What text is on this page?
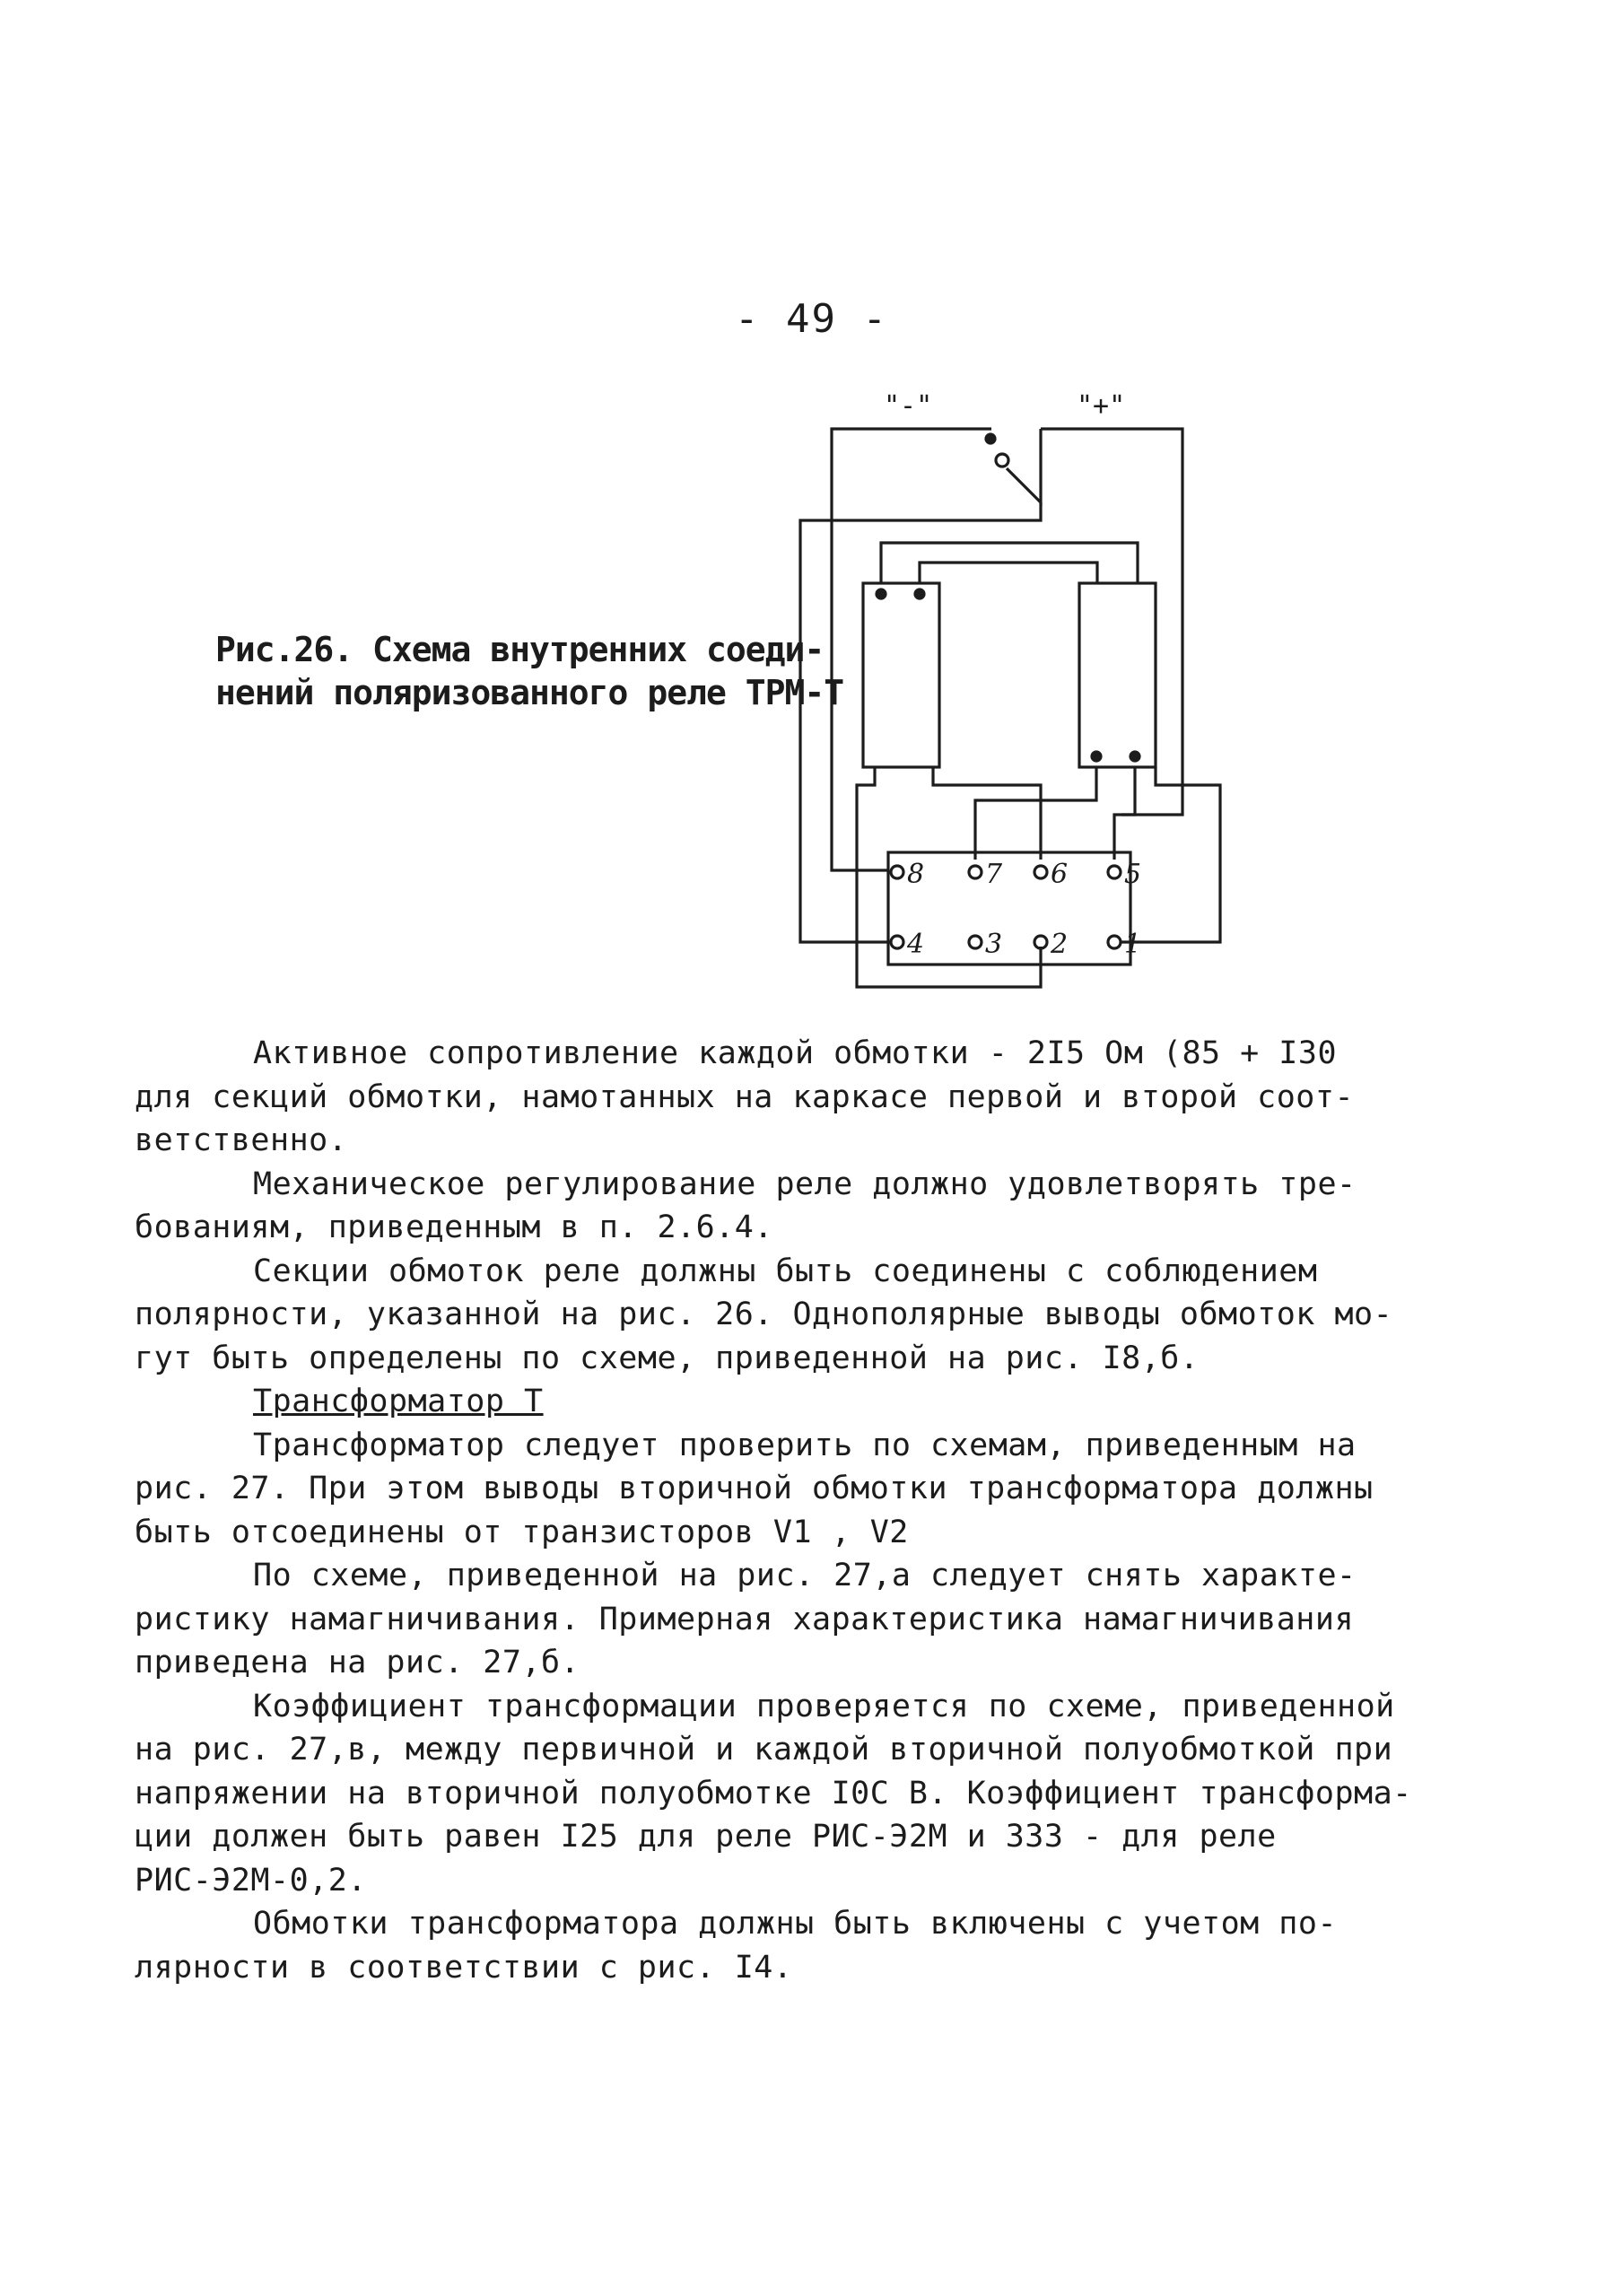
- 49 -
Рис.26. Схема внутренних соеди-
нений поляризованного реле ТРМ-Т
"-"	"+"
8 7 6 5
4 3 2 1
Активное сопротивление каждой обмотки - 2I5 Ом (85 + I30
для секций обмотки, намотанных на каркасе первой и второй соот-
ветственно.
Механическое регулирование реле должно удовлетворять тре-
бованиям, приведенным в п. 2.6.4.
Секции обмоток реле должны быть соединены с соблюдением
полярности, указанной на рис. 26. Однополярные выводы обмоток мо-
гут быть определены по схеме, приведенной на рис. I8,б.
Трансформатор Т
Трансформатор следует проверить по схемам, приведенным на
рис. 27. При этом выводы вторичной обмотки трансформатора должны
быть отсоединены от транзисторов V1 , V2
По схеме, приведенной на рис. 27,а следует снять характе-
ристику намагничивания. Примерная характеристика намагничивания
приведена на рис. 27,б.
Коэффициент трансформации проверяется по схеме, приведенной
на рис. 27,в, между первичной и каждой вторичной полуобмоткой при
напряжении на вторичной полуобмотке I0С В. Коэффициент трансформа-
ции должен быть равен I25 для реле РИС-Э2М и 333 - для реле
РИС-Э2М-0,2.
Обмотки трансформатора должны быть включены с учетом по-
лярности в соответствии с рис. I4.
